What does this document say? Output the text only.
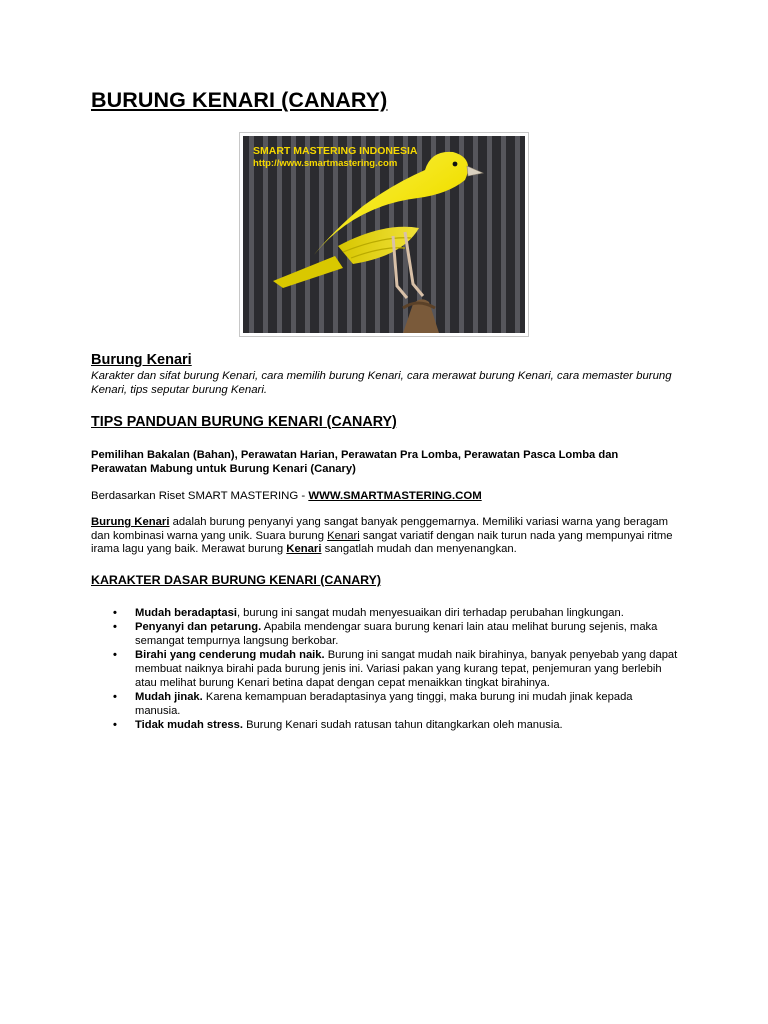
BURUNG KENARI (CANARY)
SMART MASTERING INDONESIA
http://www.smartmastering.com
Burung Kenari

Karakter dan sifat burung Kenari, cara memilih burung Kenari, cara merawat burung Kenari, cara memaster burung Kenari, tips seputar burung Kenari.

TIPS PANDUAN BURUNG KENARI (CANARY)

Pemilihan Bakalan (Bahan), Perawatan Harian, Perawatan Pra Lomba, Perawatan Pasca Lomba dan Perawatan Mabung untuk Burung Kenari (Canary)

Berdasarkan Riset SMART MASTERING - WWW.SMARTMASTERING.COM

Burung Kenari adalah burung penyanyi yang sangat banyak penggemarnya. Memiliki variasi warna yang beragam dan kombinasi warna yang unik. Suara burung Kenari sangat variatif dengan naik turun nada yang mempunyai ritme irama lagu yang baik. Merawat burung Kenari sangatlah mudah dan menyenangkan.

KARAKTER DASAR BURUNG KENARI (CANARY)
• Mudah beradaptasi, burung ini sangat mudah menyesuaikan diri terhadap perubahan lingkungan.
• Penyanyi dan petarung. Apabila mendengar suara burung kenari lain atau melihat burung sejenis, maka semangat tempurnya langsung berkobar.
• Birahi yang cenderung mudah naik. Burung ini sangat mudah naik birahinya, banyak penyebab yang dapat membuat naiknya birahi pada burung jenis ini. Variasi pakan yang kurang tepat, penjemuran yang berlebih atau melihat burung Kenari betina dapat dengan cepat menaikkan tingkat birahinya.
• Mudah jinak. Karena kemampuan beradaptasinya yang tinggi, maka burung ini mudah jinak kepada manusia.
• Tidak mudah stress. Burung Kenari sudah ratusan tahun ditangkarkan oleh manusia.
